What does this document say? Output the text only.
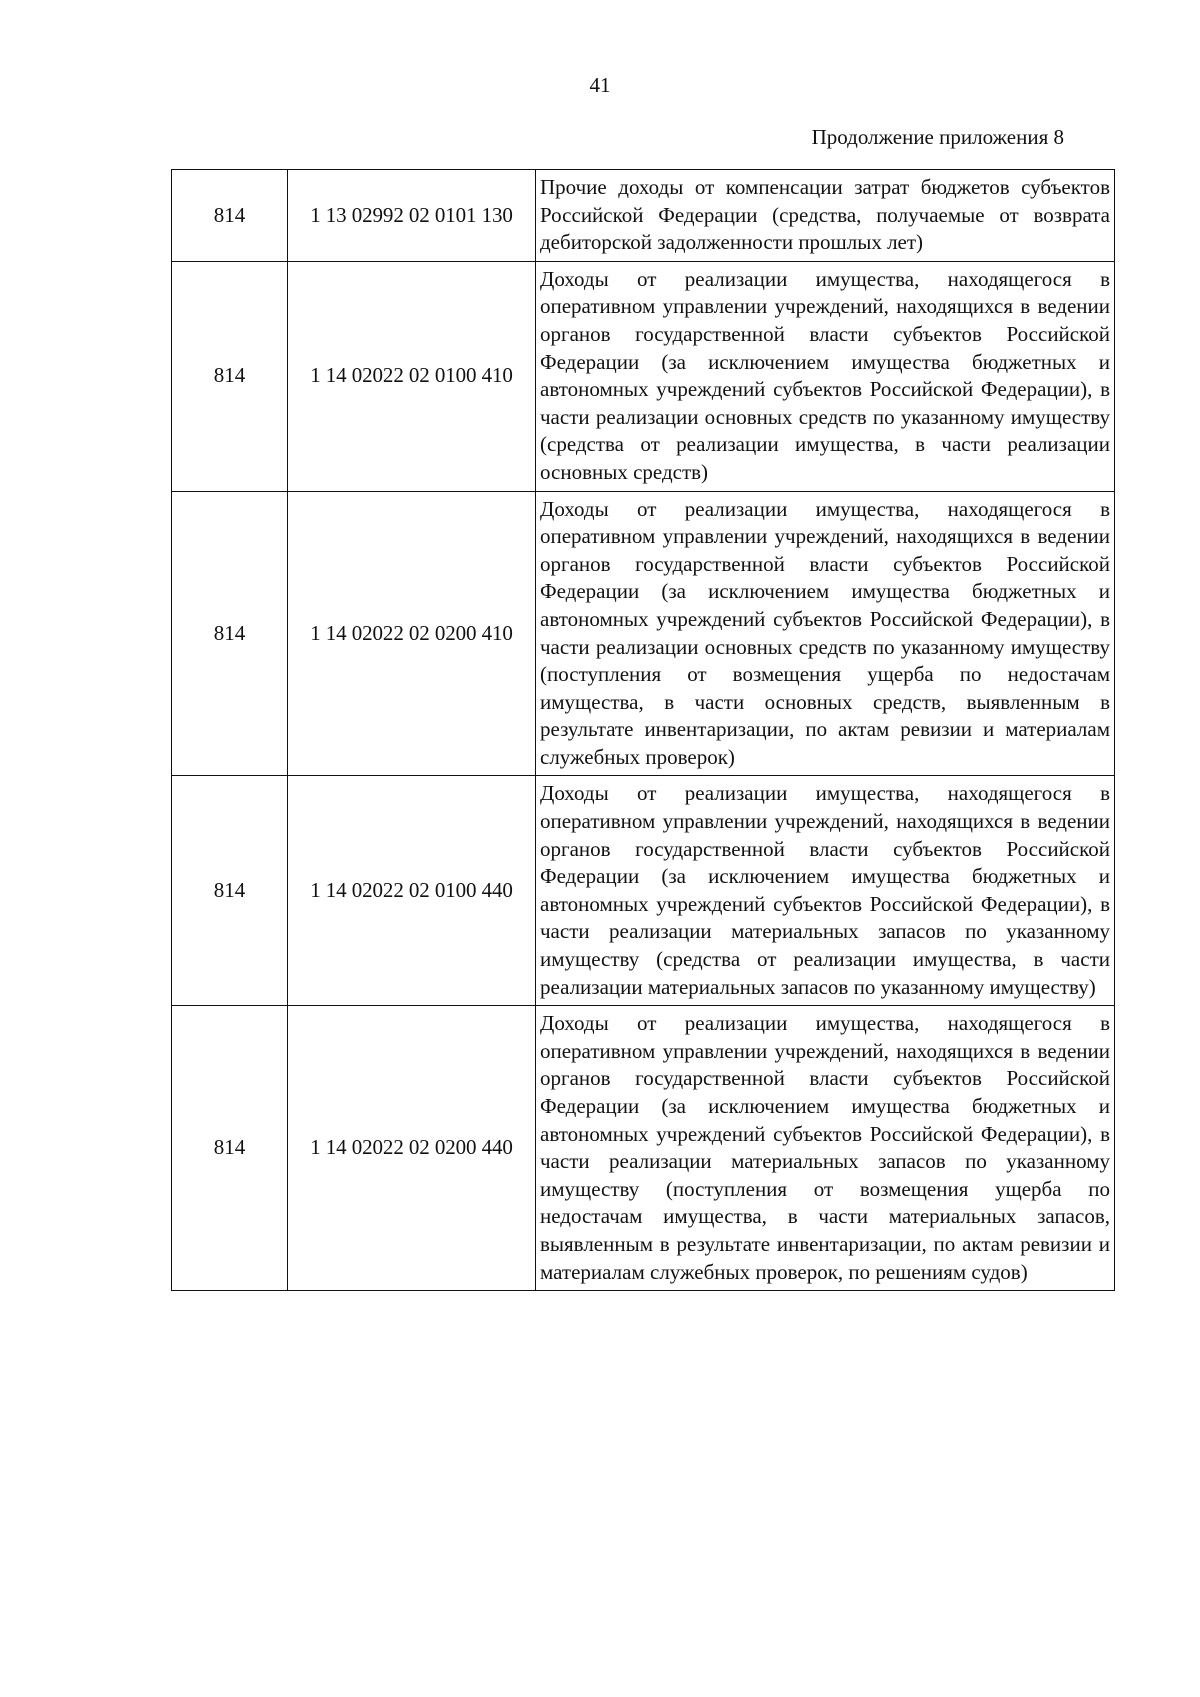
41
Продолжение приложения 8
814	1 13 02992 02 0101 130	Прочие доходы от компенсации затрат бюджетов субъектов Российской Федерации (средства, получаемые от возврата дебиторской задолженности прошлых лет)
814	1 14 02022 02 0100 410	Доходы от реализации имущества, находящегося в оперативном управлении учреждений, находящихся в ведении органов государственной власти субъектов Российской Федерации (за исключением имущества бюджетных и автономных учреждений субъектов Российской Федерации), в части реализации основных средств по указанному имуществу (средства от реализации имущества, в части реализации основных средств)
814	1 14 02022 02 0200 410	Доходы от реализации имущества, находящегося в оперативном управлении учреждений, находящихся в ведении органов государственной власти субъектов Российской Федерации (за исключением имущества бюджетных и автономных учреждений субъектов Российской Федерации), в части реализации основных средств по указанному имуществу (поступления от возмещения ущерба по недостачам имущества, в части основных средств, выявленным в результате инвентаризации, по актам ревизии и материалам служебных проверок)
814	1 14 02022 02 0100 440	Доходы от реализации имущества, находящегося в оперативном управлении учреждений, находящихся в ведении органов государственной власти субъектов Российской Федерации (за исключением имущества бюджетных и автономных учреждений субъектов Российской Федерации), в части реализации материальных запасов по указанному имуществу (средства от реализации имущества, в части реализации материальных запасов по указанному имуществу)
814	1 14 02022 02 0200 440	Доходы от реализации имущества, находящегося в оперативном управлении учреждений, находящихся в ведении органов государственной власти субъектов Российской Федерации (за исключением имущества бюджетных и автономных учреждений субъектов Российской Федерации), в части реализации материальных запасов по указанному имуществу (поступления от возмещения ущерба по недостачам имущества, в части материальных запасов, выявленным в результате инвентаризации, по актам ревизии и материалам служебных проверок, по решениям судов)
